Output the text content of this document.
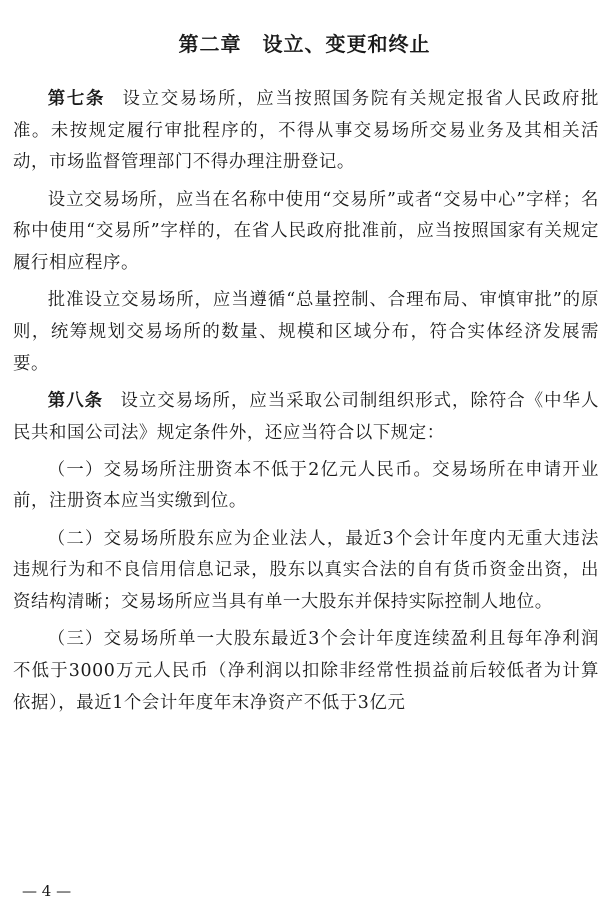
第二章　设立、变更和终止

第七条 设立交易场所，应当按照国务院有关规定报省人民政府批准。未按规定履行审批程序的，不得从事交易场所交易业务及其相关活动，市场监督管理部门不得办理注册登记。

设立交易场所，应当在名称中使用“交易所”或者“交易中心”字样；名称中使用“交易所”字样的，在省人民政府批准前，应当按照国家有关规定履行相应程序。

批准设立交易场所，应当遵循“总量控制、合理布局、审慎审批”的原则，统筹规划交易场所的数量、规模和区域分布，符合实体经济发展需要。

第八条 设立交易场所，应当采取公司制组织形式，除符合《中华人民共和国公司法》规定条件外，还应当符合以下规定：

（一）交易场所注册资本不低于2亿元人民币。交易场所在申请开业前，注册资本应当实缴到位。

（二）交易场所股东应为企业法人，最近3个会计年度内无重大违法违规行为和不良信用信息记录，股东以真实合法的自有货币资金出资，出资结构清晰；交易场所应当具有单一大股东并保持实际控制人地位。

（三）交易场所单一大股东最近3个会计年度连续盈利且每年净利润不低于3000万元人民币（净利润以扣除非经常性损益前后较低者为计算依据），最近1个会计年度年末净资产不低于3亿元

— 4 —
